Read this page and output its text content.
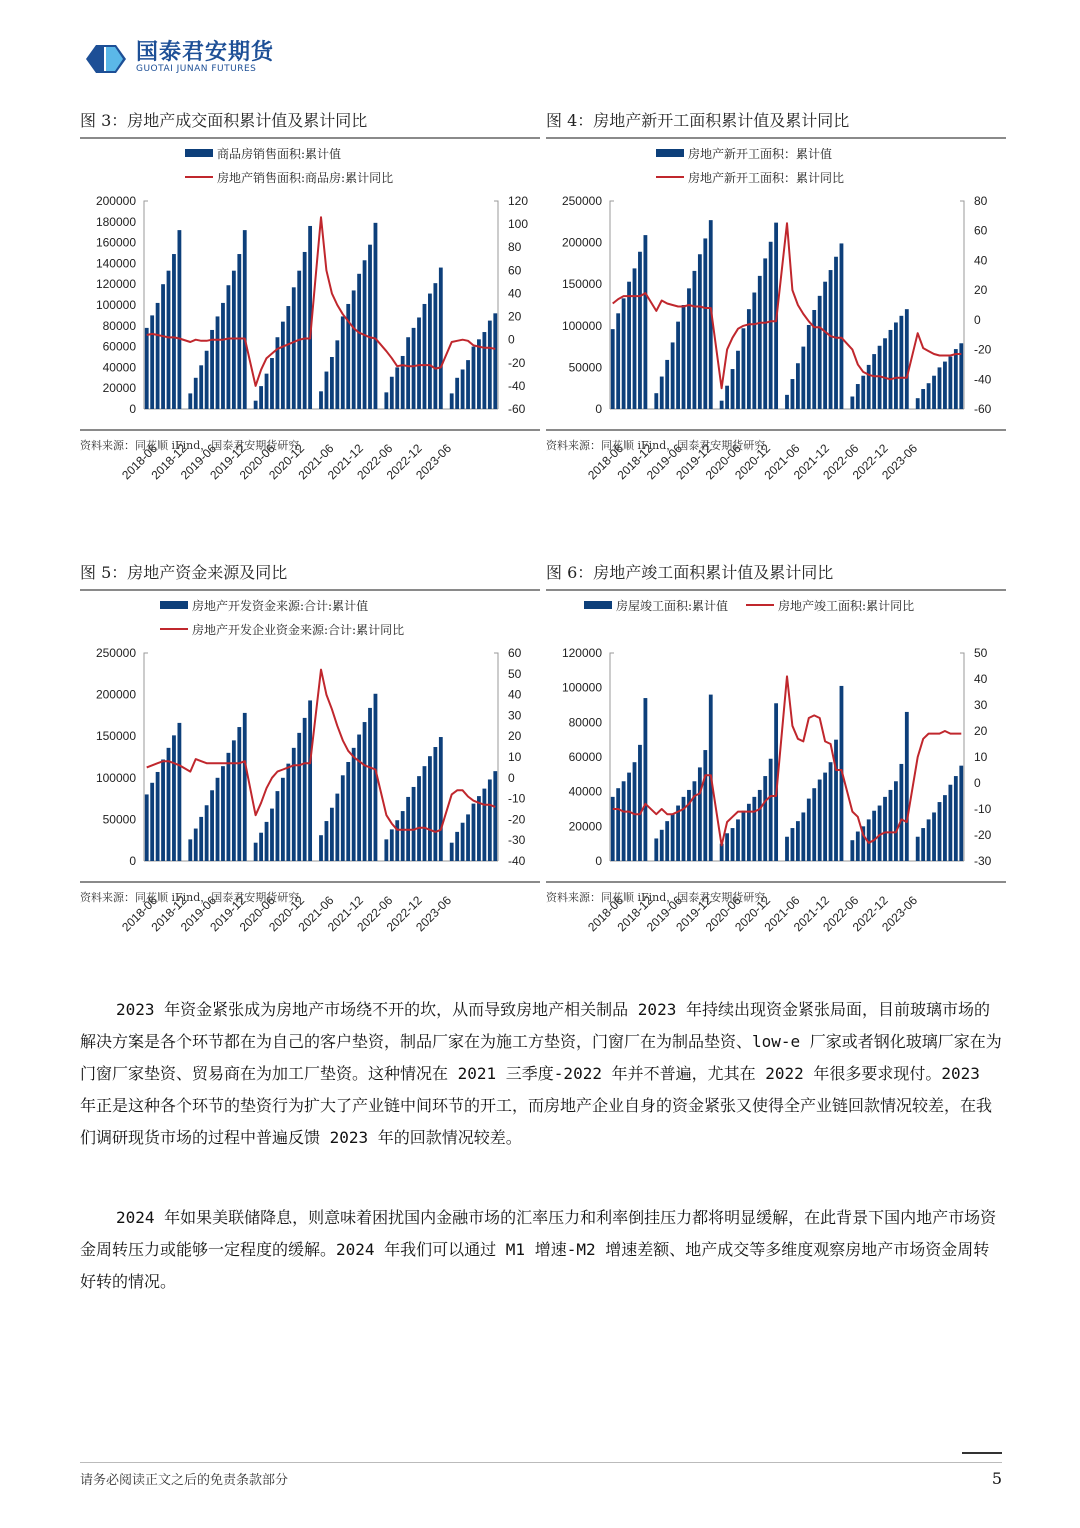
国泰君安期货
GUOTAI JUNAN FUTURES
图 3：房地产成交面积累计值及累计同比
0
20000
40000
60000
80000
100000
120000
140000
160000
180000
200000
-60
-40
-20
0
20
40
60
80
100
120
2018-06
2018-12
2019-06
2019-12
2020-06
2020-12
2021-06
2021-12
2022-06
2022-12
2023-06
商品房销售面积:累计值
房地产销售面积:商品房:累计同比
资料来源：同花顺 iFind，国泰君安期货研究
图 4：房地产新开工面积累计值及累计同比
0
50000
100000
150000
200000
250000
-60
-40
-20
0
20
40
60
80
2018-06
2018-12
2019-06
2019-12
2020-06
2020-12
2021-06
2021-12
2022-06
2022-12
2023-06
房地产新开工面积：累计值
房地产新开工面积：累计同比
资料来源：同花顺 iFind，国泰君安期货研究
图 5：房地产资金来源及同比
0
50000
100000
150000
200000
250000
-40
-30
-20
-10
0
10
20
30
40
50
60
2018-06
2018-12
2019-06
2019-12
2020-06
2020-12
2021-06
2021-12
2022-06
2022-12
2023-06
房地产开发资金来源:合计:累计值
房地产开发企业资金来源:合计:累计同比
资料来源：同花顺 iFind，国泰君安期货研究
图 6：房地产竣工面积累计值及累计同比
0
20000
40000
60000
80000
100000
120000
-30
-20
-10
0
10
20
30
40
50
2018-06
2018-12
2019-06
2019-12
2020-06
2020-12
2021-06
2021-12
2022-06
2022-12
2023-06
房屋竣工面积:累计值	房地产竣工面积:累计同比
资料来源：同花顺 iFind，国泰君安期货研究
2023 年资金紧张成为房地产市场绕不开的坎，从而导致房地产相关制品 2023 年持续出现资金紧张局面，目前玻璃市场的解决方案是各个环节都在为自己的客户垫资，制品厂家在为施工方垫资，门窗厂在为制品垫资、low-e 厂家或者钢化玻璃厂家在为门窗厂家垫资、贸易商在为加工厂垫资。这种情况在 2021 三季度-2022 年并不普遍，尤其在 2022 年很多要求现付。2023 年正是这种各个环节的垫资行为扩大了产业链中间环节的开工，而房地产企业自身的资金紧张又使得全产业链回款情况较差，在我们调研现货市场的过程中普遍反馈 2023 年的回款情况较差。
2024 年如果美联储降息，则意味着困扰国内金融市场的汇率压力和利率倒挂压力都将明显缓解，在此背景下国内地产市场资金周转压力或能够一定程度的缓解。2024 年我们可以通过 M1 增速-M2 增速差额、地产成交等多维度观察房地产市场资金周转好转的情况。
请务必阅读正文之后的免责条款部分	5
